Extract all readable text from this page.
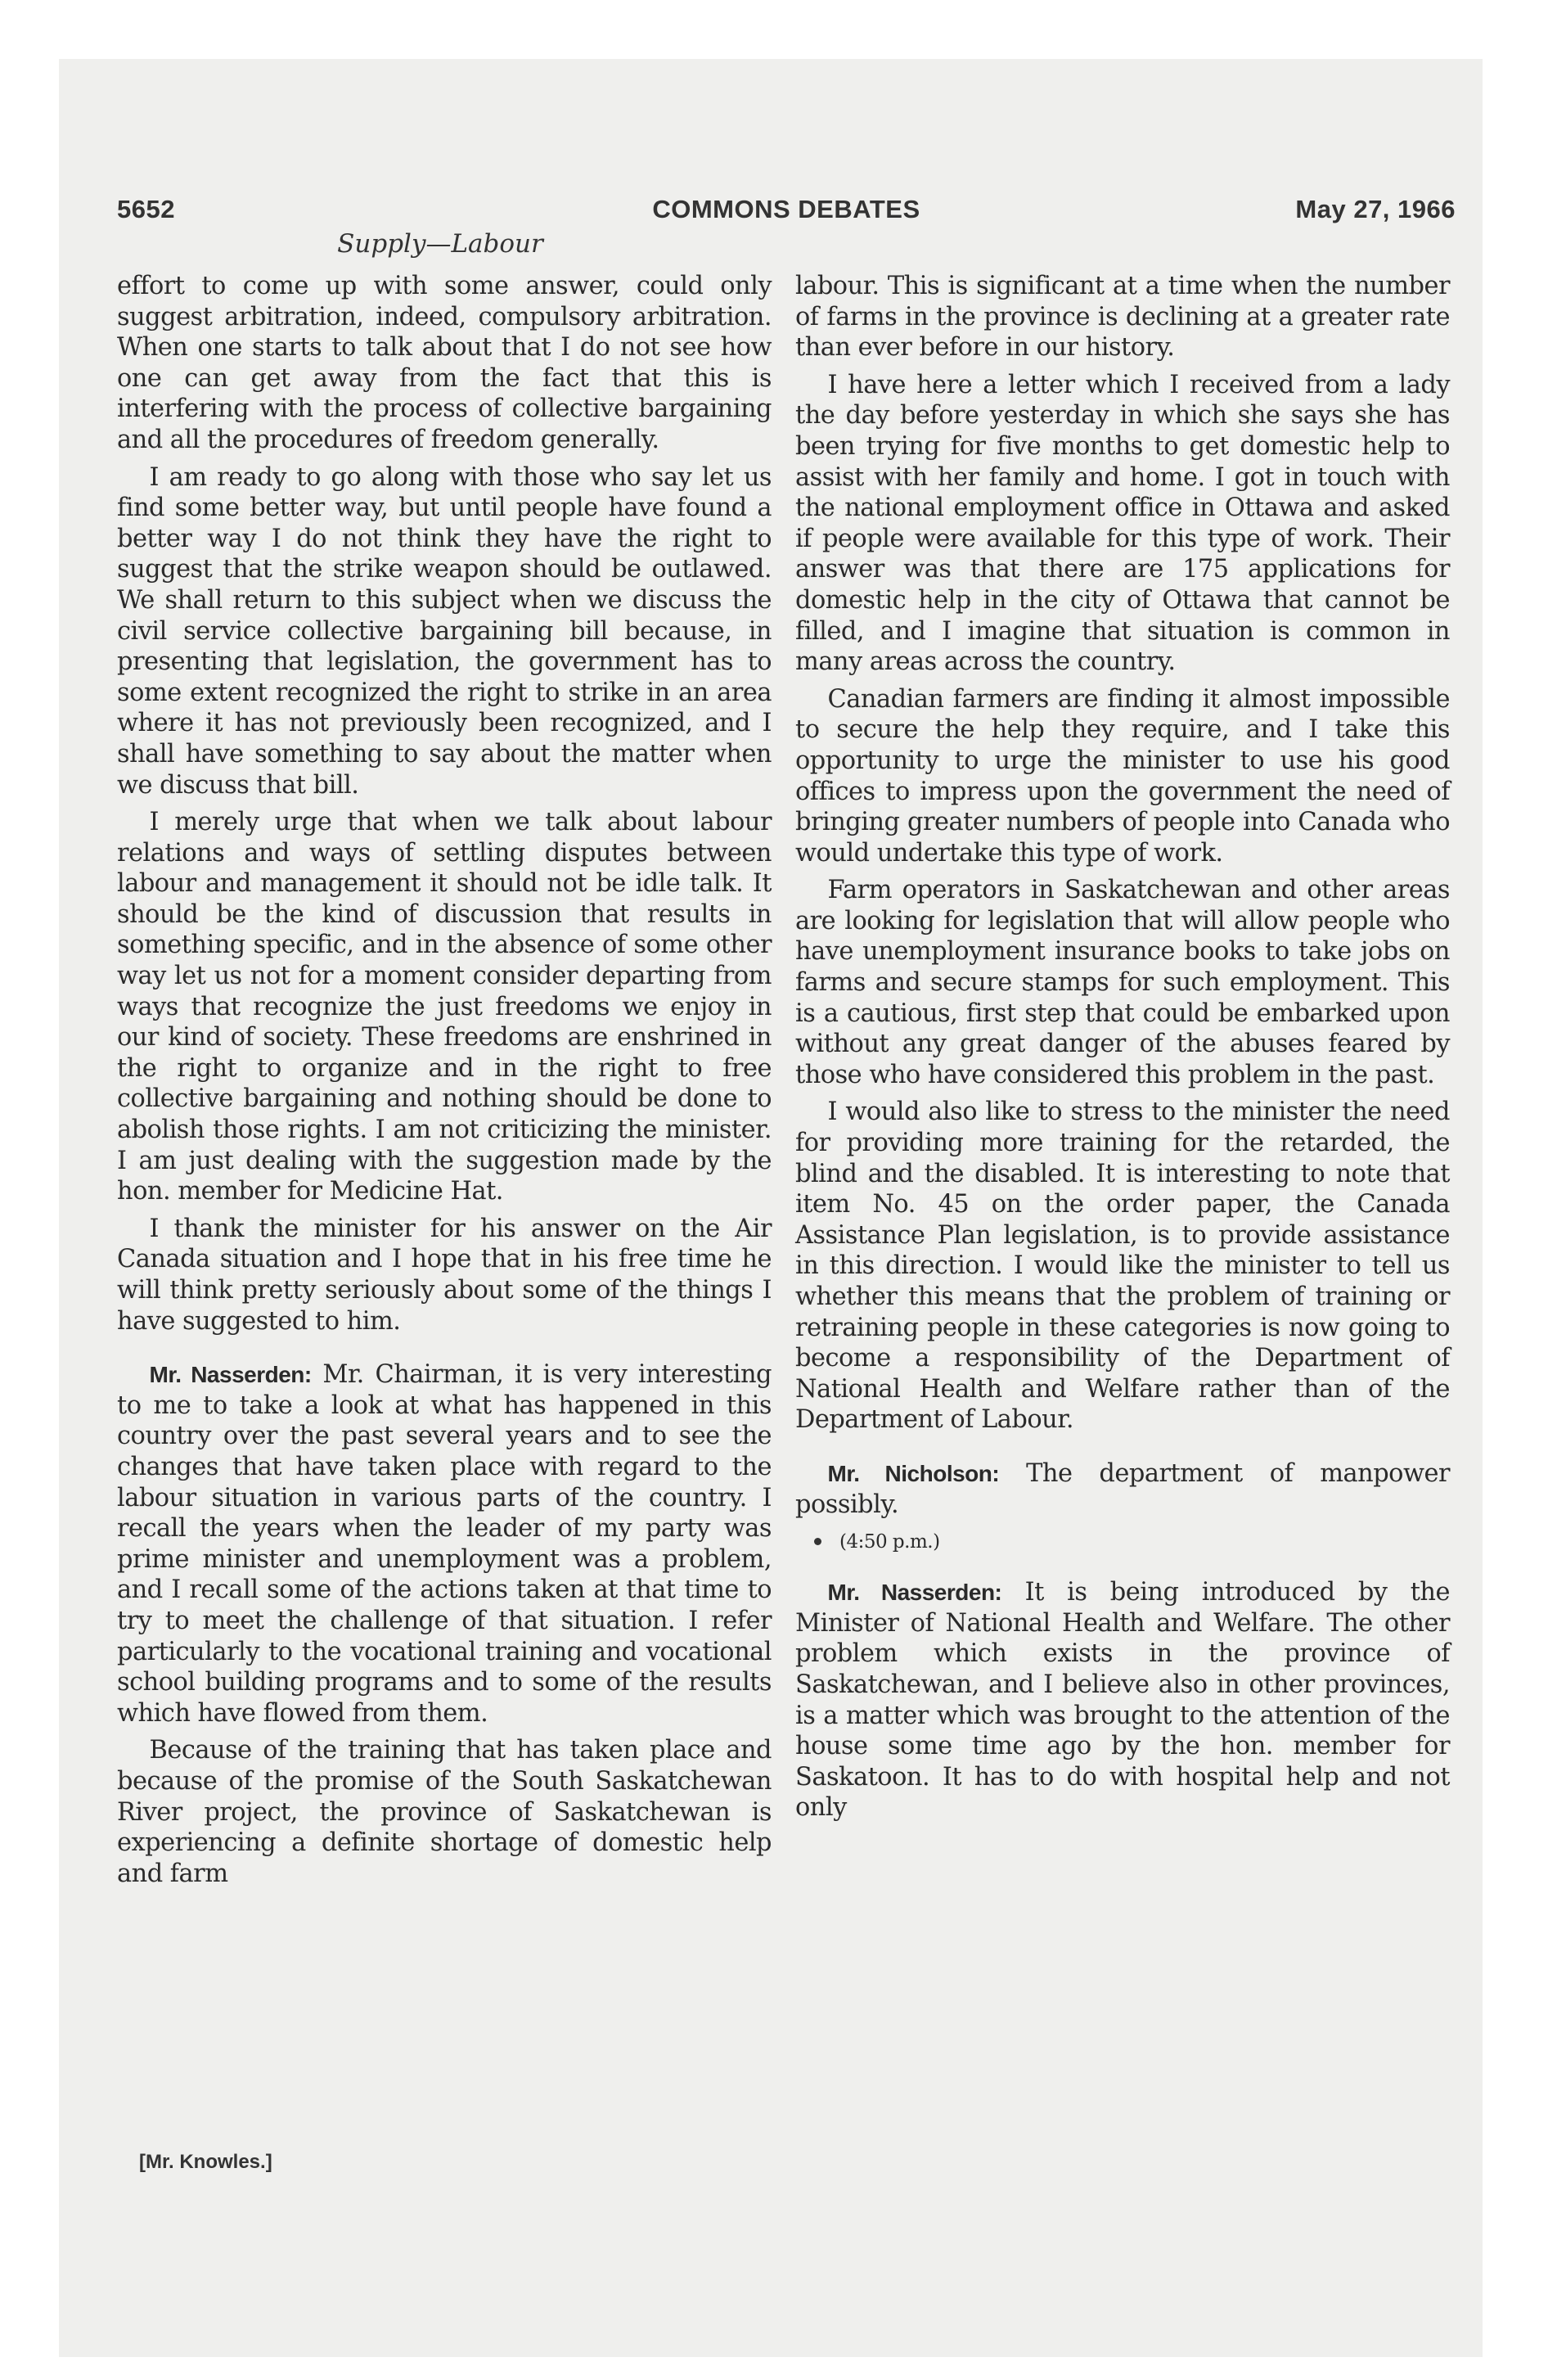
5652	COMMONS DEBATES	May 27, 1966
Supply—Labour

effort to come up with some answer, could only suggest arbitration, indeed, compulsory arbitration. When one starts to talk about that I do not see how one can get away from the fact that this is interfering with the process of collective bargaining and all the procedures of freedom generally.

I am ready to go along with those who say let us find some better way, but until people have found a better way I do not think they have the right to suggest that the strike weapon should be outlawed. We shall return to this subject when we discuss the civil service collective bargaining bill because, in presenting that legislation, the government has to some extent recognized the right to strike in an area where it has not previously been recognized, and I shall have something to say about the matter when we discuss that bill.

I merely urge that when we talk about labour relations and ways of settling disputes between labour and management it should not be idle talk. It should be the kind of discussion that results in something specific, and in the absence of some other way let us not for a moment consider departing from ways that recognize the just freedoms we enjoy in our kind of society. These freedoms are enshrined in the right to organize and in the right to free collective bargaining and nothing should be done to abolish those rights. I am not criticizing the minister. I am just dealing with the suggestion made by the hon. member for Medicine Hat.

I thank the minister for his answer on the Air Canada situation and I hope that in his free time he will think pretty seriously about some of the things I have suggested to him.

Mr. Nasserden: Mr. Chairman, it is very interesting to me to take a look at what has happened in this country over the past several years and to see the changes that have taken place with regard to the labour situation in various parts of the country. I recall the years when the leader of my party was prime minister and unemployment was a problem, and I recall some of the actions taken at that time to try to meet the challenge of that situation. I refer particularly to the vocational training and vocational school building programs and to some of the results which have flowed from them.

Because of the training that has taken place and because of the promise of the South Saskatchewan River project, the province of Saskatchewan is experiencing a definite shortage of domestic help and farm

labour. This is significant at a time when the number of farms in the province is declining at a greater rate than ever before in our history.

I have here a letter which I received from a lady the day before yesterday in which she says she has been trying for five months to get domestic help to assist with her family and home. I got in touch with the national employment office in Ottawa and asked if people were available for this type of work. Their answer was that there are 175 applications for domestic help in the city of Ottawa that cannot be filled, and I imagine that situation is common in many areas across the country.

Canadian farmers are finding it almost impossible to secure the help they require, and I take this opportunity to urge the minister to use his good offices to impress upon the government the need of bringing greater numbers of people into Canada who would undertake this type of work.

Farm operators in Saskatchewan and other areas are looking for legislation that will allow people who have unemployment insurance books to take jobs on farms and secure stamps for such employment. This is a cautious, first step that could be embarked upon without any great danger of the abuses feared by those who have considered this problem in the past.

I would also like to stress to the minister the need for providing more training for the retarded, the blind and the disabled. It is interesting to note that item No. 45 on the order paper, the Canada Assistance Plan legislation, is to provide assistance in this direction. I would like the minister to tell us whether this means that the problem of training or retraining people in these categories is now going to become a responsibility of the Department of National Health and Welfare rather than of the Department of Labour.

Mr. Nicholson: The department of manpower possibly.

(4:50 p.m.)

Mr. Nasserden: It is being introduced by the Minister of National Health and Welfare. The other problem which exists in the province of Saskatchewan, and I believe also in other provinces, is a matter which was brought to the attention of the house some time ago by the hon. member for Saskatoon. It has to do with hospital help and not only

[Mr. Knowles.]
